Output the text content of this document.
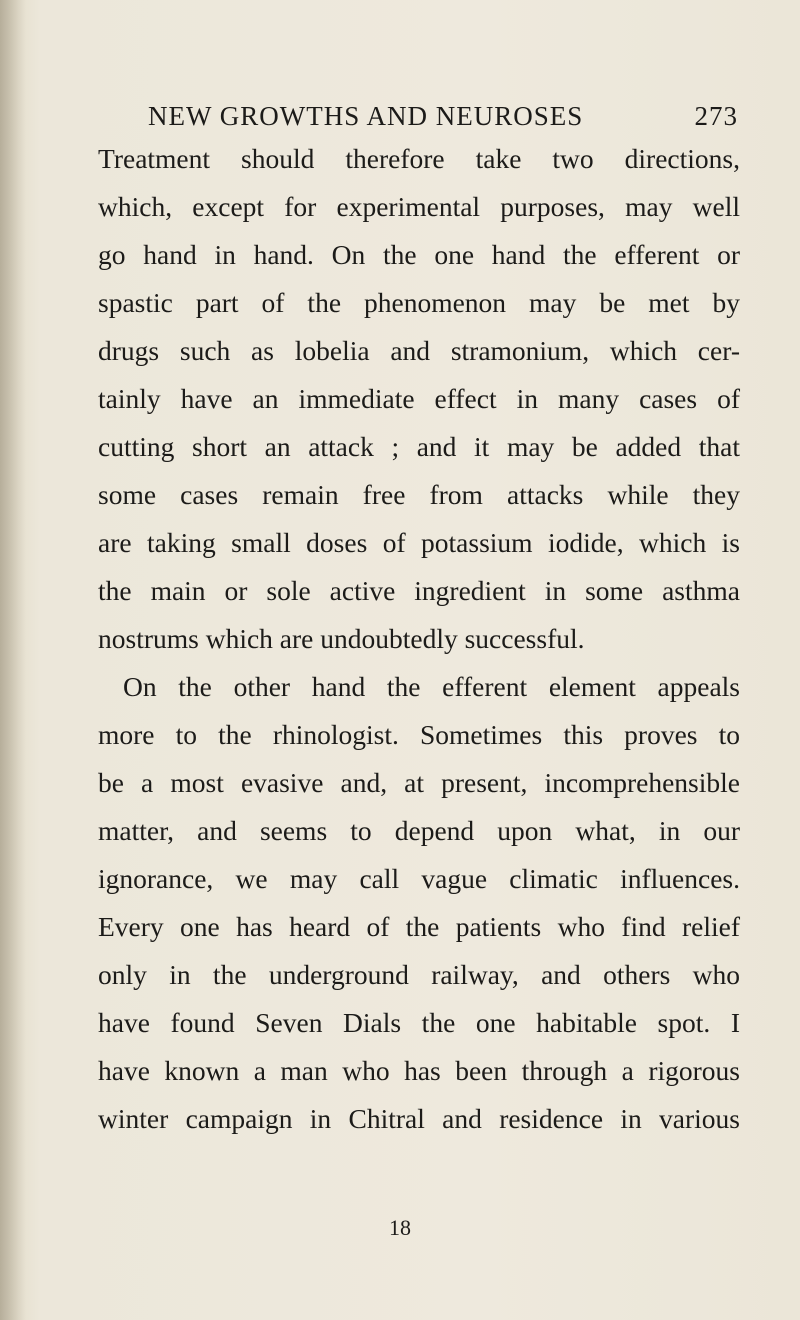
NEW GROWTHS AND NEUROSES	273
Treatment should therefore take two directions,
which, except for experimental purposes, may well
go hand in hand. On the one hand the efferent or
spastic part of the phenomenon may be met by
drugs such as lobelia and stramonium, which cer-
tainly have an immediate effect in many cases of
cutting short an attack ; and it may be added that
some cases remain free from attacks while they
are taking small doses of potassium iodide, which is
the main or sole active ingredient in some asthma
nostrums which are undoubtedly successful.
On the other hand the efferent element appeals
more to the rhinologist. Sometimes this proves to
be a most evasive and, at present, incomprehensible
matter, and seems to depend upon what, in our
ignorance, we may call vague climatic influences.
Every one has heard of the patients who find relief
only in the underground railway, and others who
have found Seven Dials the one habitable spot. I
have known a man who has been through a rigorous
winter campaign in Chitral and residence in various
18
